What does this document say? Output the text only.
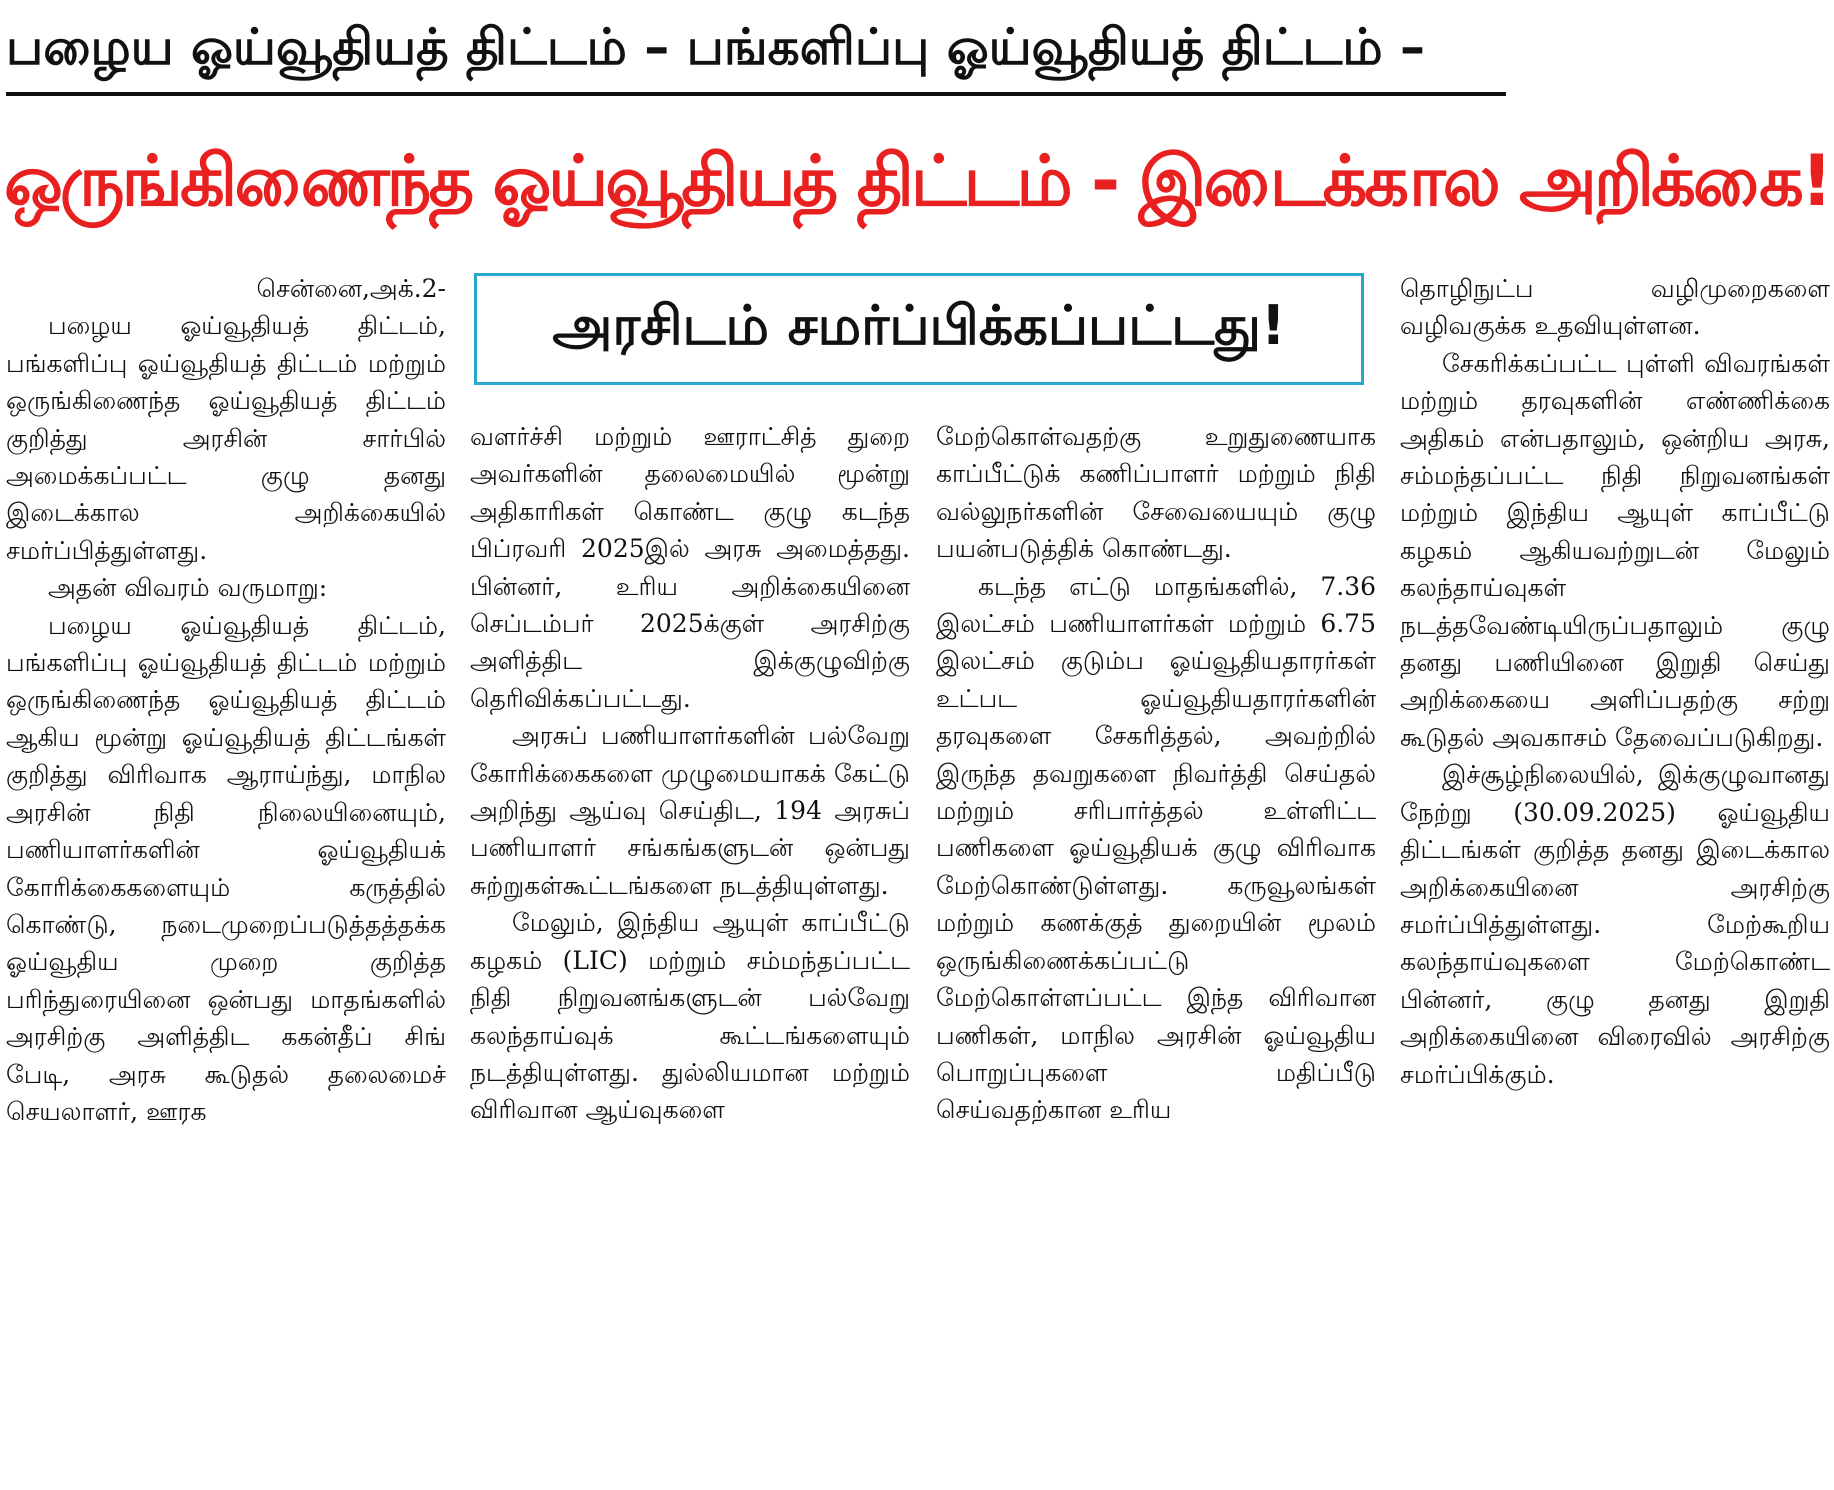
பழைய ஓய்வூதியத் திட்டம் – பங்களிப்பு ஓய்வூதியத் திட்டம் –
ஒருங்கிணைந்த ஓய்வூதியத் திட்டம் - இடைக்கால அறிக்கை!
அரசிடம் சமர்ப்பிக்கப்பட்டது!

சென்னை,அக்.2-

பழைய ஓய்வூதியத் திட்டம், பங்களிப்பு ஓய்வூதியத் திட்டம் மற்றும் ஒருங்கிணைந்த ஓய்வூதியத் திட்டம் குறித்து அரசின் சார்பில் அமைக்கப்பட்ட குழு தனது இடைக்கால அறிக்கையில் சமர்ப்பித்துள்ளது.

அதன் விவரம் வருமாறு:

பழைய ஓய்வூதியத் திட்டம், பங்களிப்பு ஓய்வூதியத் திட்டம் மற்றும் ஒருங்கிணைந்த ஓய்வூதியத் திட்டம் ஆகிய மூன்று ஓய்வூதியத் திட்டங்கள் குறித்து விரிவாக ஆராய்ந்து, மாநில அரசின் நிதி நிலையினையும், பணியாளர்களின் ஓய்வூதியக் கோரிக்கைகளையும் கருத்தில் கொண்டு, நடைமுறைப்படுத்தத்தக்க ஓய்வூதிய முறை குறித்த பரிந்துரையினை ஒன்பது மாதங்களில் அரசிற்கு அளித்திட ககன்தீப் சிங் பேடி, அரசு கூடுதல் தலைமைச் செயலாளர், ஊரக

வளர்ச்சி மற்றும் ஊராட்சித் துறை அவர்களின் தலைமையில் மூன்று அதிகாரிகள் கொண்ட குழு கடந்த பிப்ரவரி 2025இல் அரசு அமைத்தது. பின்னர், உரிய அறிக்கையினை செப்டம்பர் 2025க்குள் அரசிற்கு அளித்திட இக்குழுவிற்கு தெரிவிக்கப்பட்டது.

அரசுப் பணியாளர்களின் பல்வேறு கோரிக்கைகளை முழுமையாகக் கேட்டு அறிந்து ஆய்வு செய்திட, 194 அரசுப் பணியாளர் சங்கங்களுடன் ஒன்பது சுற்றுகள்கூட்டங்களை நடத்தியுள்ளது.

மேலும், இந்திய ஆயுள் காப்பீட்டு கழகம் (LIC) மற்றும் சம்மந்தப்பட்ட நிதி நிறுவனங்களுடன் பல்வேறு கலந்தாய்வுக் கூட்டங்களையும் நடத்தியுள்ளது. துல்லியமான மற்றும் விரிவான ஆய்வுகளை

மேற்கொள்வதற்கு உறுதுணையாக காப்பீட்டுக் கணிப்பாளர் மற்றும் நிதி வல்லுநர்களின் சேவையையும் குழு பயன்படுத்திக் கொண்டது.

கடந்த எட்டு மாதங்களில், 7.36 இலட்சம் பணியாளர்கள் மற்றும் 6.75 இலட்சம் குடும்ப ஓய்வூதியதாரர்கள் உட்பட ஓய்வூதியதாரர்களின் தரவுகளை சேகரித்தல், அவற்றில் இருந்த தவறுகளை நிவர்த்தி செய்தல் மற்றும் சரிபார்த்தல் உள்ளிட்ட பணிகளை ஓய்வூதியக் குழு விரிவாக மேற்கொண்டுள்ளது. கருவூலங்கள் மற்றும் கணக்குத் துறையின் மூலம் ஒருங்கிணைக்கப்பட்டு மேற்கொள்ளப்பட்ட இந்த விரிவான பணிகள், மாநில அரசின் ஓய்வூதிய பொறுப்புகளை மதிப்பீடு செய்வதற்கான உரிய

தொழிநுட்ப வழிமுறைகளை வழிவகுக்க உதவியுள்ளன.

சேகரிக்கப்பட்ட புள்ளி விவரங்கள் மற்றும் தரவுகளின் எண்ணிக்கை அதிகம் என்பதாலும், ஒன்றிய அரசு, சம்மந்தப்பட்ட நிதி நிறுவனங்கள் மற்றும் இந்திய ஆயுள் காப்பீட்டு கழகம் ஆகியவற்றுடன் மேலும் கலந்தாய்வுகள் நடத்தவேண்டியிருப்பதாலும் குழு தனது பணியினை இறுதி செய்து அறிக்கையை அளிப்பதற்கு சற்று கூடுதல் அவகாசம் தேவைப்படுகிறது.

இச்சூழ்நிலையில், இக்குழுவானது நேற்று (30.09.2025) ஓய்வூதிய திட்டங்கள் குறித்த தனது இடைக்கால அறிக்கையினை அரசிற்கு சமர்ப்பித்துள்ளது. மேற்கூறிய கலந்தாய்வுகளை மேற்கொண்ட பின்னர், குழு தனது இறுதி அறிக்கையினை விரைவில் அரசிற்கு சமர்ப்பிக்கும்.
